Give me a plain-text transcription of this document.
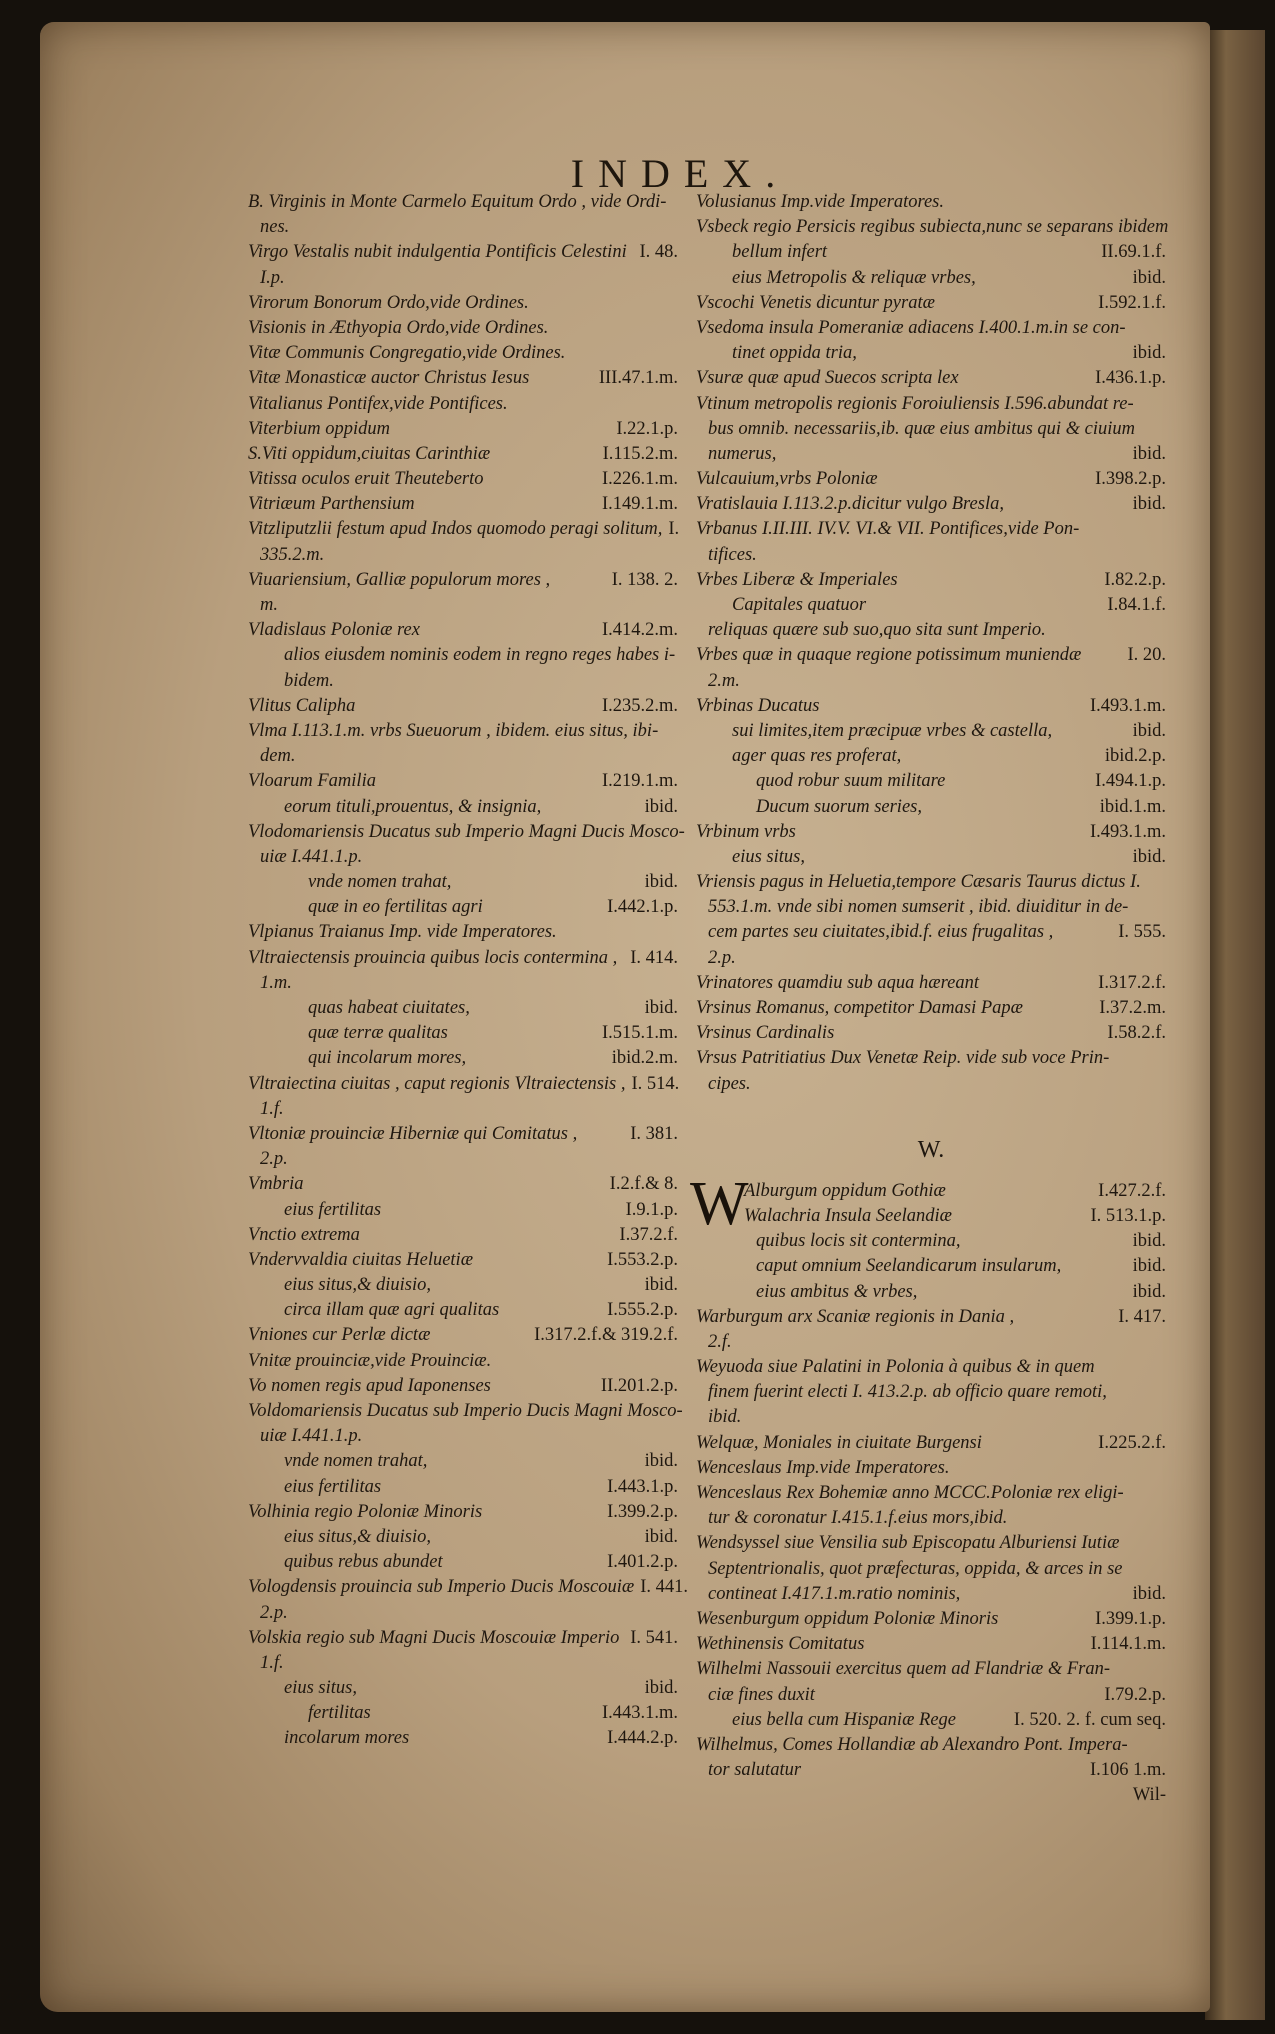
INDEX.
B. Virginis in Monte Carmelo Equitum Ordo , vide Ordi-
nes.
Virgo Vestalis nubit indulgentia Pontificis Celestini I. 48.
I.p.
Virorum Bonorum Ordo,vide Ordines.
Visionis in Æthyopia Ordo,vide Ordines.
Vitæ Communis Congregatio,vide Ordines.
Vitæ Monasticæ auctor Christus Iesus	III.47.1.m.
Vitalianus Pontifex,vide Pontifices.
Viterbium oppidum	I.22.1.p.
S.Viti oppidum,ciuitas Carinthiæ	I.115.2.m.
Vitissa oculos eruit Theuteberto	I.226.1.m.
Vitriæum Parthensium	I.149.1.m.
Vitzliputzlii festum apud Indos quomodo peragi solitum, I.
335.2.m.
Viuariensium, Galliæ populorum mores ,	I. 138. 2.
m.
Vladislaus Poloniæ rex	I.414.2.m.
alios eiusdem nominis eodem in regno reges habes i-
bidem.
Vlitus Calipha	I.235.2.m.
Vlma I.113.1.m. vrbs Sueuorum , ibidem. eius situs, ibi-
dem.
Vloarum Familia	I.219.1.m.
eorum tituli,prouentus, & insignia,	ibid.
Vlodomariensis Ducatus sub Imperio Magni Ducis Mosco-
uiæ I.441.1.p.
vnde nomen trahat,	ibid.
quæ in eo fertilitas agri	I.442.1.p.
Vlpianus Traianus Imp. vide Imperatores.
Vltraiectensis prouincia quibus locis contermina , I. 414.
1.m.
quas habeat ciuitates,	ibid.
quæ terræ qualitas	I.515.1.m.
qui incolarum mores,	ibid.2.m.
Vltraiectina ciuitas , caput regionis Vltraiectensis , I. 514.
1.f.
Vltoniæ prouinciæ Hiberniæ qui Comitatus ,	I. 381.
2.p.
Vmbria	I.2.f.& 8.
eius fertilitas	I.9.1.p.
Vnctio extrema	I.37.2.f.
Vndervvaldia ciuitas Heluetiæ	I.553.2.p.
eius situs,& diuisio,	ibid.
circa illam quæ agri qualitas	I.555.2.p.
Vniones cur Perlæ dictæ	I.317.2.f.& 319.2.f.
Vnitæ prouinciæ,vide Prouinciæ.
Vo nomen regis apud Iaponenses	II.201.2.p.
Voldomariensis Ducatus sub Imperio Ducis Magni Mosco-
uiæ I.441.1.p.
vnde nomen trahat,	ibid.
eius fertilitas	I.443.1.p.
Volhinia regio Poloniæ Minoris	I.399.2.p.
eius situs,& diuisio,	ibid.
quibus rebus abundet	I.401.2.p.
Vologdensis prouincia sub Imperio Ducis Moscouiæ I. 441.
2.p.
Volskia regio sub Magni Ducis Moscouiæ Imperio I. 541.
1.f.
eius situs,	ibid.
fertilitas	I.443.1.m.
incolarum mores	I.444.2.p.
Volusianus Imp.vide Imperatores.
Vsbeck regio Persicis regibus subiecta,nunc se separans ibidem
bellum infert	II.69.1.f.
eius Metropolis & reliquæ vrbes,	ibid.
Vscochi Venetis dicuntur pyratæ	I.592.1.f.
Vsedoma insula Pomeraniæ adiacens I.400.1.m.in se con-
tinet oppida tria,	ibid.
Vsuræ quæ apud Suecos scripta lex	I.436.1.p.
Vtinum metropolis regionis Foroiuliensis I.596.abundat re-
bus omnib. necessariis,ib. quæ eius ambitus qui & ciuium
numerus,	ibid.
Vulcauium,vrbs Poloniæ	I.398.2.p.
Vratislauia I.113.2.p.dicitur vulgo Bresla,	ibid.
Vrbanus I.II.III. IV.V. VI.& VII. Pontifices,vide Pon-
tifices.
Vrbes Liberæ & Imperiales	I.82.2.p.
Capitales quatuor	I.84.1.f.
reliquas quære sub suo,quo sita sunt Imperio.
Vrbes quæ in quaque regione potissimum muniendæ	I. 20.
2.m.
Vrbinas Ducatus	I.493.1.m.
sui limites,item præcipuæ vrbes & castella,	ibid.
ager quas res proferat,	ibid.2.p.
quod robur suum militare	I.494.1.p.
Ducum suorum series,	ibid.1.m.
Vrbinum vrbs	I.493.1.m.
eius situs,	ibid.
Vriensis pagus in Heluetia,tempore Cæsaris Taurus dictus I.
553.1.m. vnde sibi nomen sumserit , ibid. diuiditur in de-
cem partes seu ciuitates,ibid.f. eius frugalitas ,	I. 555.
2.p.
Vrinatores quamdiu sub aqua hæreant	I.317.2.f.
Vrsinus Romanus, competitor Damasi Papæ	I.37.2.m.
Vrsinus Cardinalis	I.58.2.f.
Vrsus Patritiatius Dux Venetæ Reip. vide sub voce Prin-
cipes.
W.
W
Alburgum oppidum Gothiæ	I.427.2.f.
Walachria Insula Seelandiæ	I. 513.1.p.
quibus locis sit contermina,	ibid.
caput omnium Seelandicarum insularum,	ibid.
eius ambitus & vrbes,	ibid.
Warburgum arx Scaniæ regionis in Dania ,	I. 417.
2.f.
Weyuoda siue Palatini in Polonia à quibus & in quem
finem fuerint electi I. 413.2.p. ab officio quare remoti,
ibid.
Welquæ, Moniales in ciuitate Burgensi	I.225.2.f.
Wenceslaus Imp.vide Imperatores.
Wenceslaus Rex Bohemiæ anno MCCC.Poloniæ rex eligi-
tur & coronatur I.415.1.f.eius mors,ibid.
Wendsyssel siue Vensilia sub Episcopatu Alburiensi Iutiæ
Septentrionalis, quot præfecturas, oppida, & arces in se
contineat I.417.1.m.ratio nominis,	ibid.
Wesenburgum oppidum Poloniæ Minoris	I.399.1.p.
Wethinensis Comitatus	I.114.1.m.
Wilhelmi Nassouii exercitus quem ad Flandriæ & Fran-
ciæ fines duxit	I.79.2.p.
eius bella cum Hispaniæ Rege	I. 520. 2. f. cum seq.
Wilhelmus, Comes Hollandiæ ab Alexandro Pont. Impera-
tor salutatur	I.106 1.m.
Wil-
